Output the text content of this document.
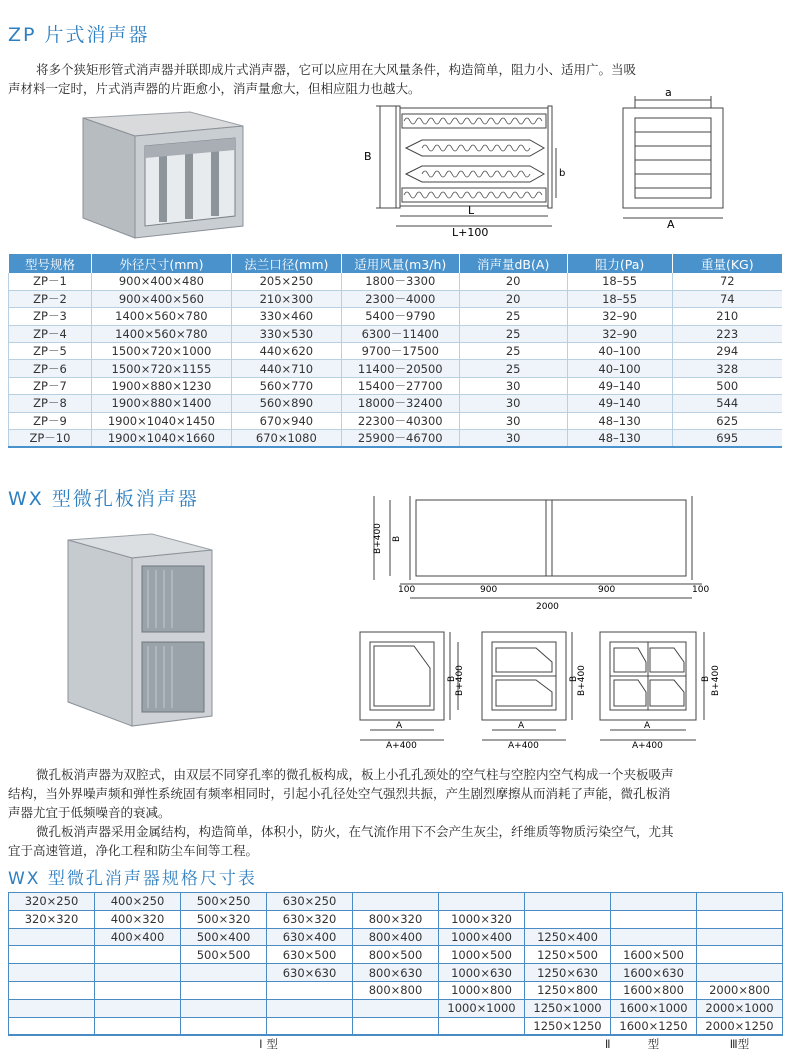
ZP 片式消声器
将多个狭矩形管式消声器并联即成片式消声器，它可以应用在大风量条件，构造简单，阻力小、适用广。当吸
声材料一定时，片式消声器的片距愈小，消声量愈大，但相应阻力也越大。
B
b
L
L+100
a
A
型号规格	外径尺寸(mm)	法兰口径(mm)	适用风量(m3/h)	消声量dB(A)	阻力(Pa)	重量(KG)
ZP－1	900×400×480	205×250	1800－3300	20	18–55	72
ZP－2	900×400×560	210×300	2300－4000	20	18–55	74
ZP－3	1400×560×780	330×460	5400－9790	25	32–90	210
ZP－4	1400×560×780	330×530	6300－11400	25	32–90	223
ZP－5	1500×720×1000	440×620	9700－17500	25	40–100	294
ZP－6	1500×720×1155	440×710	11400－20500	25	40–100	328
ZP－7	1900×880×1230	560×770	15400－27700	30	49–140	500
ZP－8	1900×880×1400	560×890	18000－32400	30	49–140	544
ZP－9	1900×1040×1450	670×940	22300－40300	30	48–130	625
ZP－10	1900×1040×1660	670×1080	25900－46700	30	48–130	695
WX 型微孔板消声器
B+400 B
100	900	900	100
2000
B
B+400
A
A+400
B
B+400
A
A+400
B B+400
A
A+400
微孔板消声器为双腔式，由双层不同穿孔率的微孔板构成，板上小孔孔颈处的空气柱与空腔内空气构成一个夹板吸声
结构，当外界噪声频和弹性系统固有频率相同时，引起小孔径处空气强烈共振，产生剧烈摩擦从而消耗了声能，微孔板消
声器尤宜于低频噪音的衰减。
微孔板消声器采用金属结构，构造简单，体积小，防火，在气流作用下不会产生灰尘，纤维质等物质污染空气，尤其
宜于高速管道，净化工程和防尘车间等工程。
WX 型微孔消声器规格尺寸表
320×250	400×250	500×250	630×250					
320×320	400×320	500×320	630×320	800×320	1000×320			
	400×400	500×400	630×400	800×400	1000×400	1250×400		
		500×500	630×500	800×500	1000×500	1250×500	1600×500	
			630×630	800×630	1000×630	1250×630	1600×630	
				800×800	1000×800	1250×800	1600×800	2000×800
					1000×1000	1250×1000	1600×1000	2000×1000
						1250×1250	1600×1250	2000×1250
Ⅰ			型			Ⅱ	型	Ⅲ型
